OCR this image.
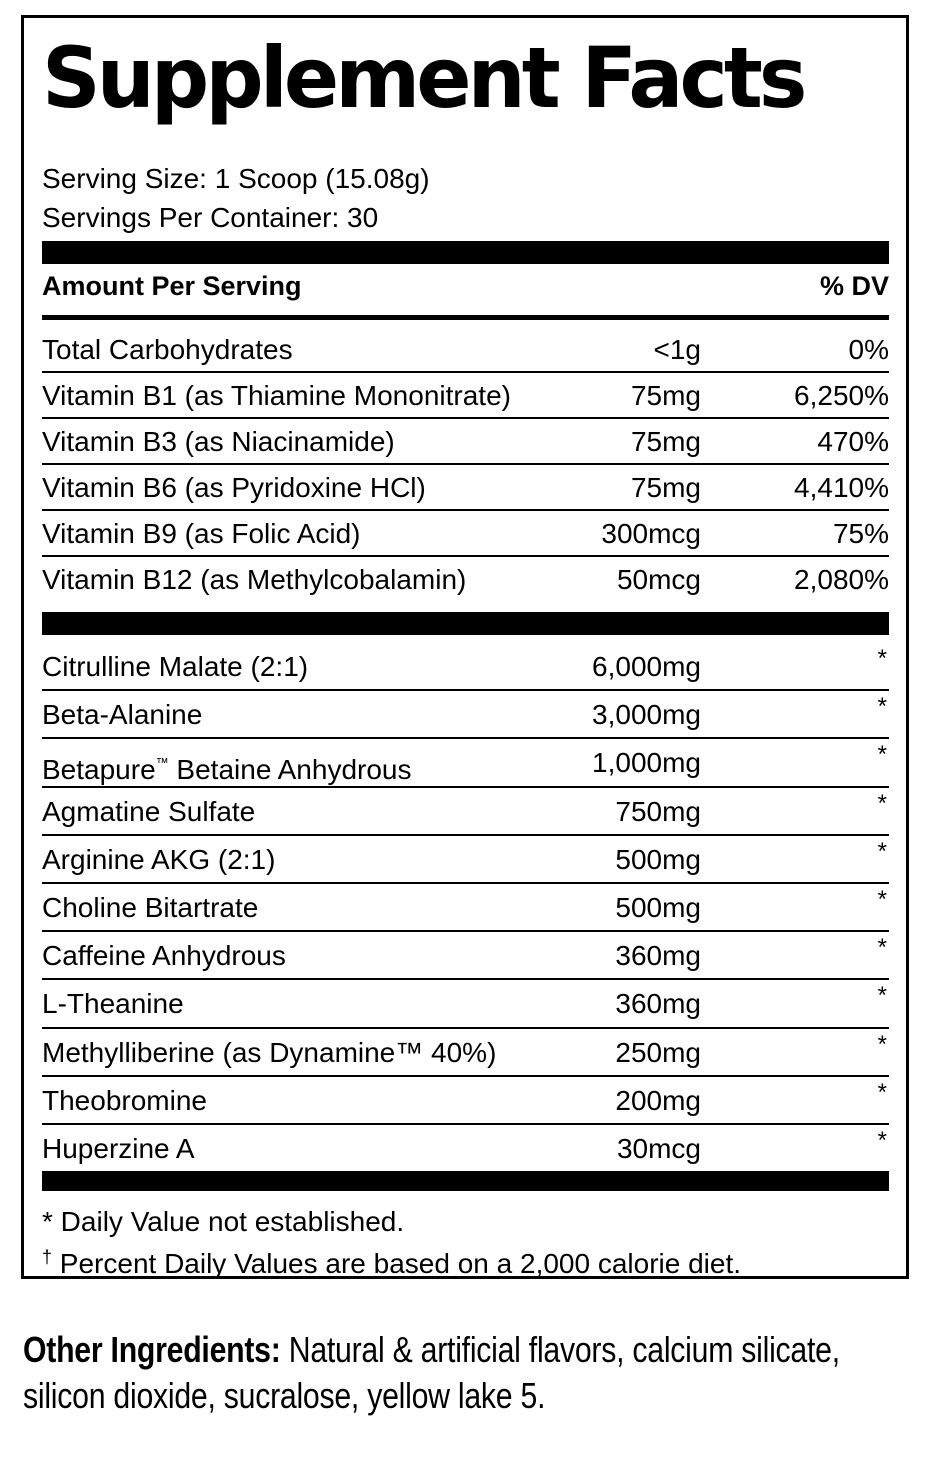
Supplement Facts
Serving Size: 1 Scoop (15.08g)
Servings Per Container: 30
Amount Per Serving	% DV
Total Carbohydrates	<1g	0%
Vitamin B1 (as Thiamine Mononitrate)	75mg	6,250%
Vitamin B3 (as Niacinamide)	75mg	470%
Vitamin B6 (as Pyridoxine HCl)	75mg	4,410%
Vitamin B9 (as Folic Acid)	300mcg	75%
Vitamin B12 (as Methylcobalamin)	50mcg	2,080%
Citrulline Malate (2:1)	6,000mg	*
Beta-Alanine	3,000mg	*
Betapure™ Betaine Anhydrous	1,000mg	*
Agmatine Sulfate	750mg	*
Arginine AKG (2:1)	500mg	*
Choline Bitartrate	500mg	*
Caffeine Anhydrous	360mg	*
L-Theanine	360mg	*
Methylliberine (as Dynamine™ 40%)	250mg	*
Theobromine	200mg	*
Huperzine A	30mcg	*
* Daily Value not established.
† Percent Daily Values are based on a 2,000 calorie diet.

Other Ingredients: Natural & artificial flavors, calcium silicate,
silicon dioxide, sucralose, yellow lake 5.
